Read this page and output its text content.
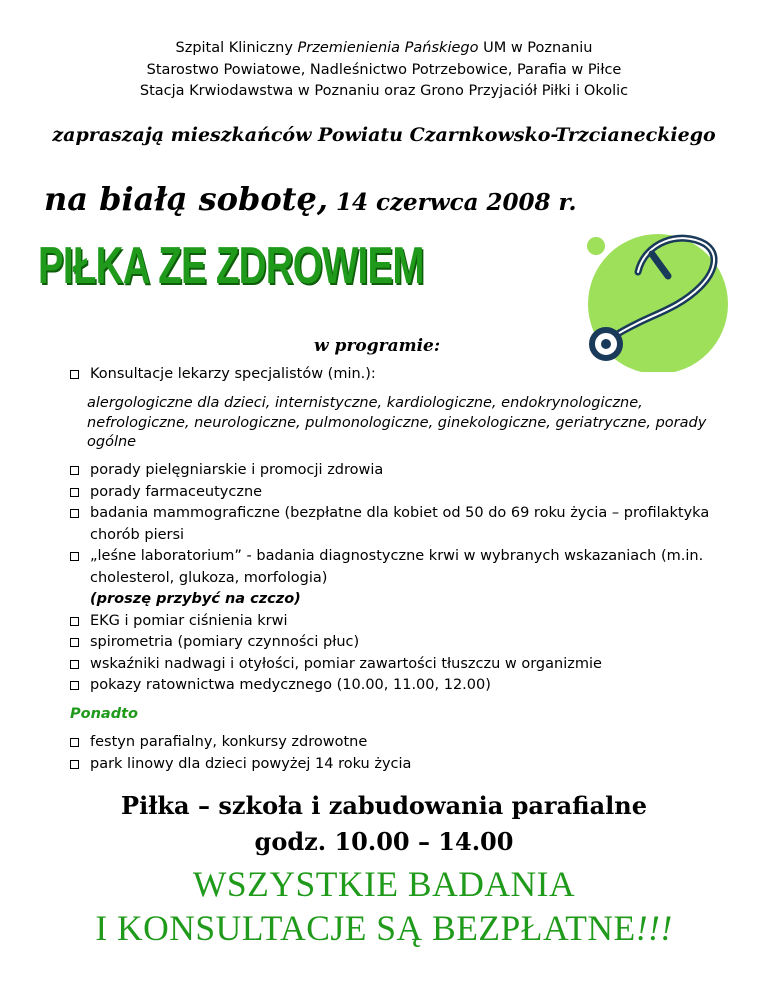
Szpital Kliniczny Przemienienia Pańskiego UM w Poznaniu
Starostwo Powiatowe, Nadleśnictwo Potrzebowice, Parafia w Piłce
Stacja Krwiodawstwa w Poznaniu oraz Grono Przyjaciół Piłki i Okolic
zapraszają mieszkańców Powiatu Czarnkowsko-Trzcianeckiego
na białą sobotę, 14 czerwca 2008 r.
PIŁKA ZE ZDROWIEM
w programie:
Konsultacje lekarzy specjalistów (min.):
alergologiczne dla dzieci, internistyczne, kardiologiczne, endokrynologiczne, nefrologiczne, neurologiczne, pulmonologiczne, ginekologiczne, geriatryczne, porady ogólne
porady pielęgniarskie i promocji zdrowia
porady farmaceutyczne
badania mammograficzne (bezpłatne dla kobiet od 50 do 69 roku życia – profilaktyka chorób piersi
„leśne laboratorium” - badania diagnostyczne krwi w wybranych wskazaniach (m.in. cholesterol, glukoza, morfologia)
(proszę przybyć na czczo)
EKG i pomiar ciśnienia krwi
spirometria (pomiary czynności płuc)
wskaźniki nadwagi i otyłości, pomiar zawartości tłuszczu w organizmie
pokazy ratownictwa medycznego (10.00, 11.00, 12.00)
Ponadto
festyn parafialny, konkursy zdrowotne
park linowy dla dzieci powyżej 14 roku życia
Piłka – szkoła i zabudowania parafialne
godz. 10.00 – 14.00
WSZYSTKIE BADANIA
I KONSULTACJE SĄ BEZPŁATNE!!!
